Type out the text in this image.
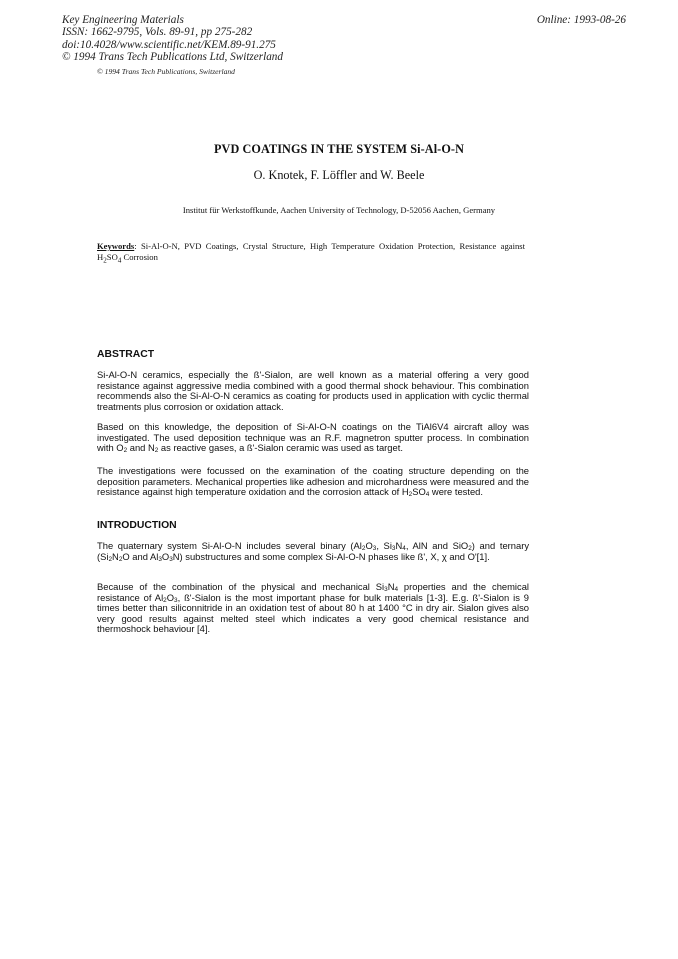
Key Engineering Materials
ISSN: 1662-9795, Vols. 89-91, pp 275-282
doi:10.4028/www.scientific.net/KEM.89-91.275
© 1994 Trans Tech Publications Ltd, Switzerland
Online: 1993-08-26
© 1994 Trans Tech Publications, Switzerland
PVD COATINGS IN THE SYSTEM Si-Al-O-N
O. Knotek, F. Löffler and W. Beele
Institut für Werkstoffkunde, Aachen University of Technology, D-52056 Aachen, Germany
Keywords: Si-Al-O-N, PVD Coatings, Crystal Structure, High Temperature Oxidation Protection, Resistance against $H_2SO_4$ Corrosion
ABSTRACT
Si-Al-O-N ceramics, especially the ß'-Sialon, are well known as a material offering a very good resistance against aggressive media combined with a good thermal shock behaviour. This combination recommends also the Si-Al-O-N ceramics as coating for products used in application with cyclic thermal treatments plus corrosion or oxidation attack.
Based on this knowledge, the deposition of Si-Al-O-N coatings on the TiAl6V4 aircraft alloy was investigated. The used deposition technique was an R.F. magnetron sputter process. In combination with $O_2$ and $N_2$ as reactive gases, a ß'-Sialon ceramic was used as target.
The investigations were focussed on the examination of the coating structure depending on the deposition parameters. Mechanical properties like adhesion and microhardness were measured and the resistance against high temperature oxidation and the corrosion attack of $H_2SO_4$ were tested.
INTRODUCTION
The quaternary system Si-Al-O-N includes several binary ($Al_2O_3$, $Si_3N_4$, AlN and SiO$_2$) and ternary ($Si_2N_2O$ and $Al_3O_3N$) substructures and some complex Si-Al-O-N phases like ß', X, χ and O'[1].
Because of the combination of the physical and mechanical $Si_3N_4$ properties and the chemical resistance of $Al_2O_3$, ß'-Sialon is the most important phase for bulk materials [1-3]. E.g. ß'-Sialon is 9 times better than siliconnitride in an oxidation test of about 80 h at 1400 °C in dry air. Sialon gives also very good results against melted steel which indicates a very good chemical resistance and thermoshock behaviour [4].
